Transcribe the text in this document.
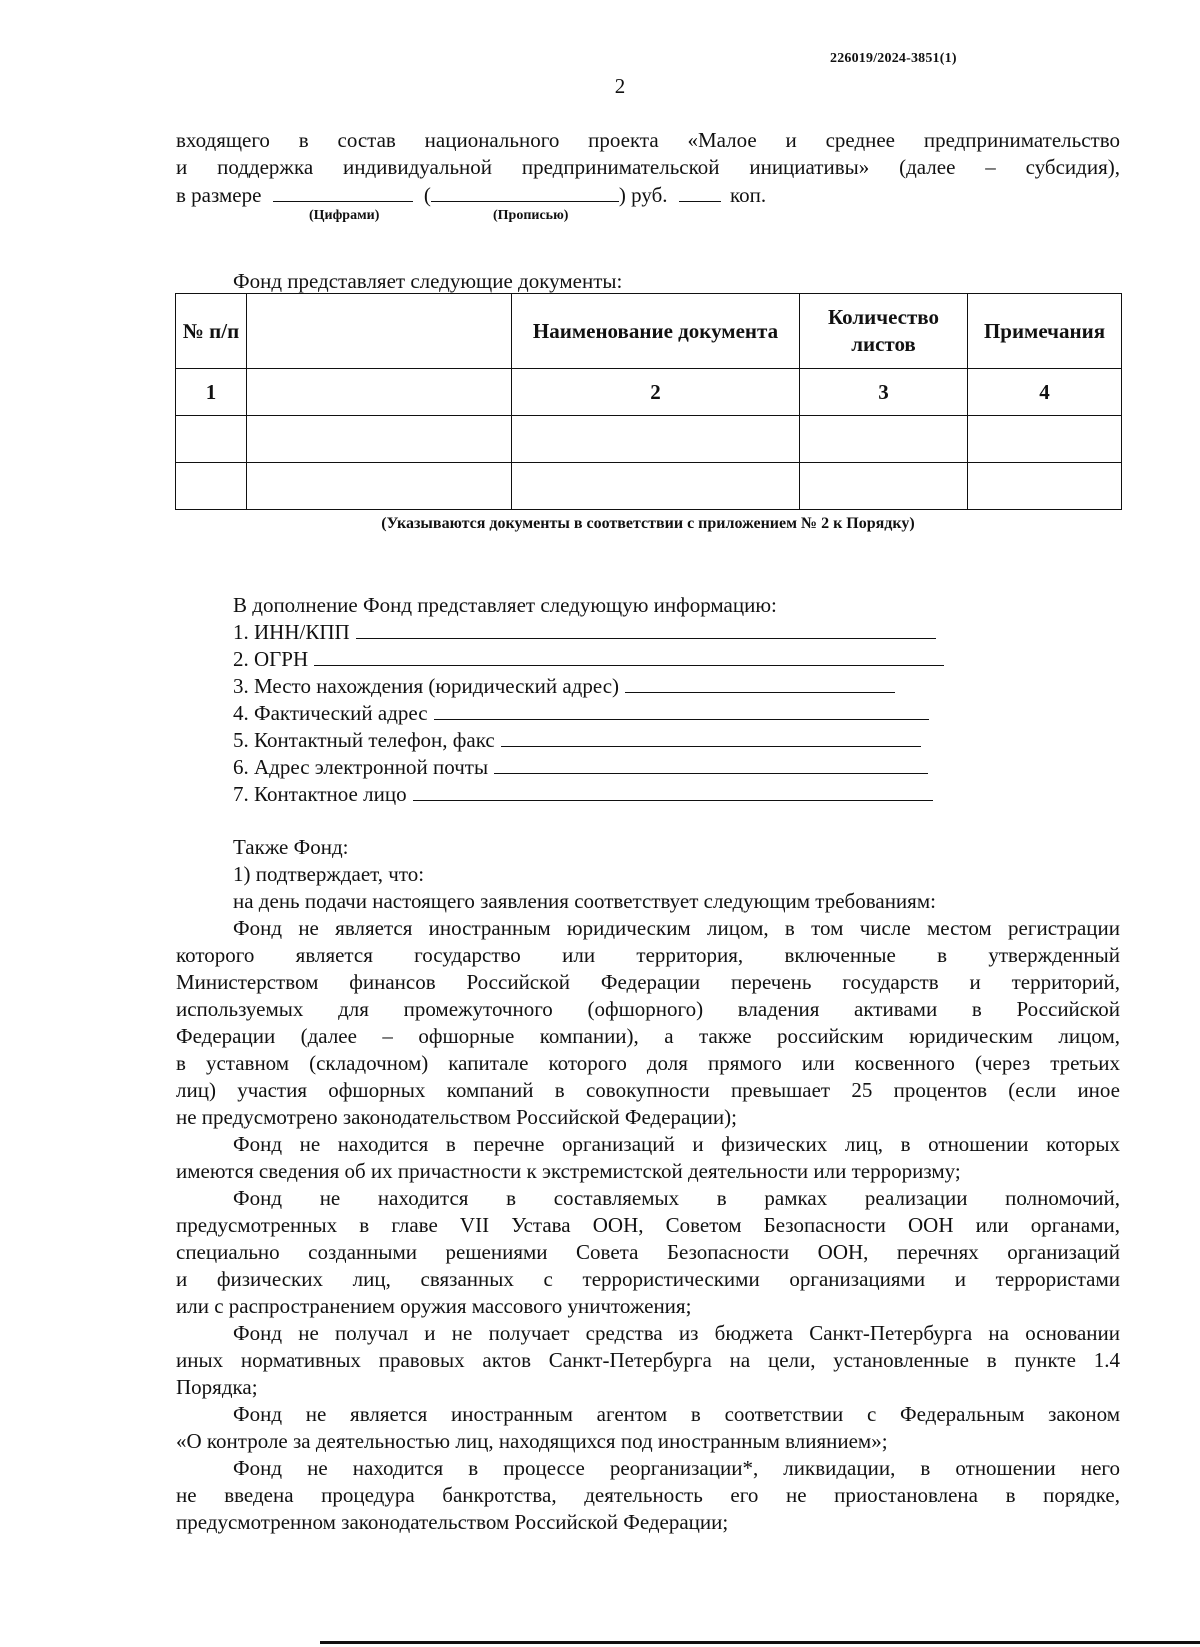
226019/2024-3851(1)
2
входящего в состав национального проекта «Малое и среднее предпринимательство
и поддержка индивидуальной предпринимательской инициативы» (далее – субсидия),
в размере	(	) руб.	коп.
(Цифрами)	(Прописью)
Фонд представляет следующие документы:
№ п/п		Наименование документа	Количество листов	Примечания
1		2	3	4

(Указываются документы в соответствии с приложением № 2 к Порядку)
В дополнение Фонд представляет следующую информацию:
1. ИНН/КПП
2. ОГРН
3. Место нахождения (юридический адрес)
4. Фактический адрес
5. Контактный телефон, факс
6. Адрес электронной почты
7. Контактное лицо
Также Фонд:
1) подтверждает, что:
на день подачи настоящего заявления соответствует следующим требованиям:
Фонд не является иностранным юридическим лицом, в том числе местом регистрации
которого является государство или территория, включенные в утвержденный
Министерством финансов Российской Федерации перечень государств и территорий,
используемых для промежуточного (офшорного) владения активами в Российской
Федерации (далее – офшорные компании), а также российским юридическим лицом,
в уставном (складочном) капитале которого доля прямого или косвенного (через третьих
лиц) участия офшорных компаний в совокупности превышает 25 процентов (если иное
не предусмотрено законодательством Российской Федерации);
Фонд не находится в перечне организаций и физических лиц, в отношении которых
имеются сведения об их причастности к экстремистской деятельности или терроризму;
Фонд не находится в составляемых в рамках реализации полномочий,
предусмотренных в главе VII Устава ООН, Советом Безопасности ООН или органами,
специально созданными решениями Совета Безопасности ООН, перечнях организаций
и физических лиц, связанных с террористическими организациями и террористами
или с распространением оружия массового уничтожения;
Фонд не получал и не получает средства из бюджета Санкт-Петербурга на основании
иных нормативных правовых актов Санкт-Петербурга на цели, установленные в пункте 1.4
Порядка;
Фонд не является иностранным агентом в соответствии с Федеральным законом
«О контроле за деятельностью лиц, находящихся под иностранным влиянием»;
Фонд не находится в процессе реорганизации*, ликвидации, в отношении него
не введена процедура банкротства, деятельность его не приостановлена в порядке,
предусмотренном законодательством Российской Федерации;
